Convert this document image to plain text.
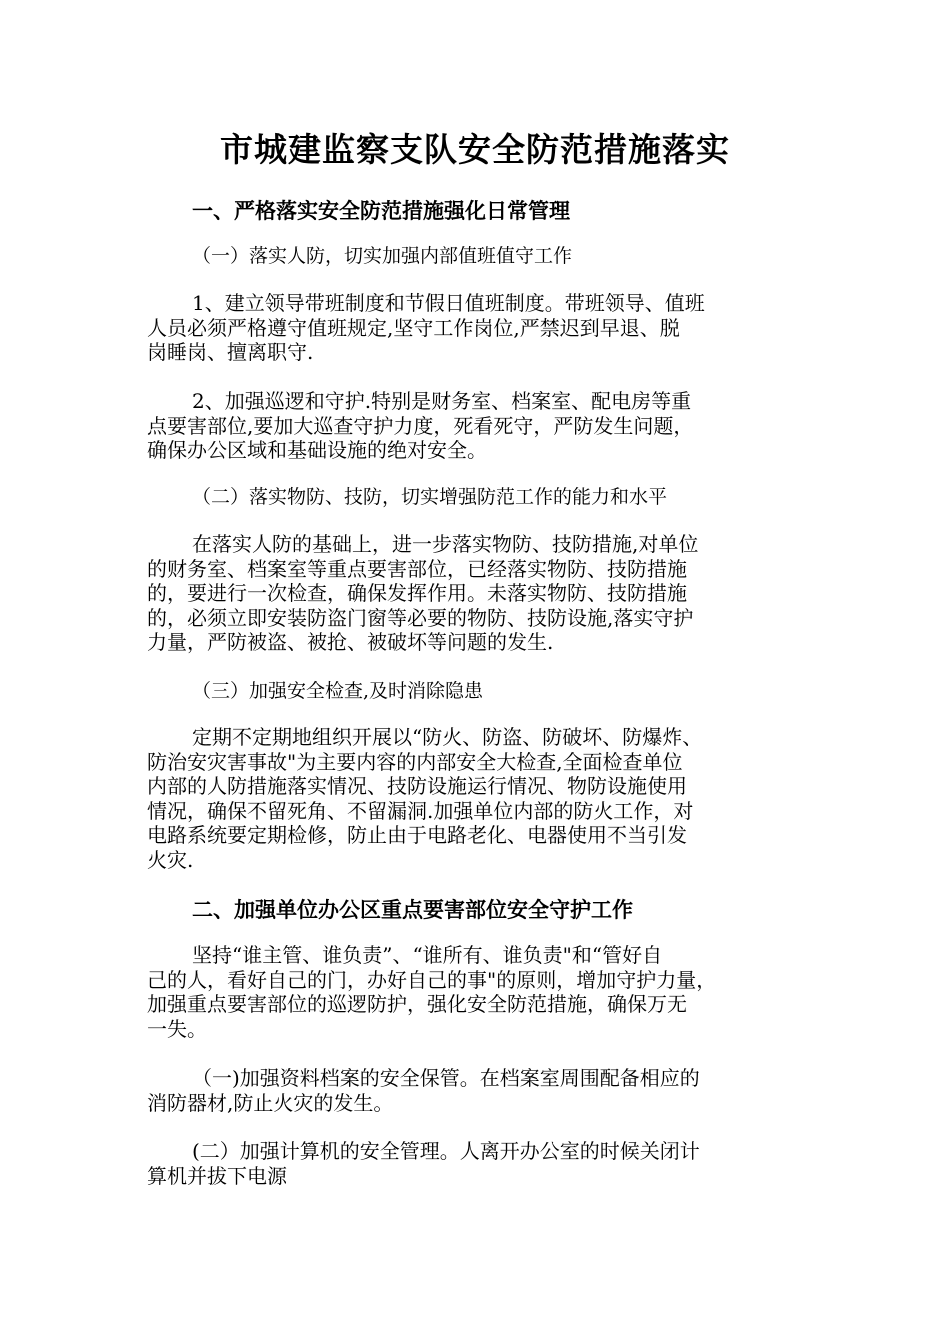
市城建监察支队安全防范措施落实
一、严格落实安全防范措施强化日常管理
（一）落实人防，切实加强内部值班值守工作
1、建立领导带班制度和节假日值班制度。带班领导、值班
人员必须严格遵守值班规定,坚守工作岗位,严禁迟到早退、脱
岗睡岗、擅离职守.
2、加强巡逻和守护.特别是财务室、档案室、配电房等重
点要害部位,要加大巡查守护力度，死看死守，严防发生问题，
确保办公区域和基础设施的绝对安全。
（二）落实物防、技防，切实增强防范工作的能力和水平
在落实人防的基础上，进一步落实物防、技防措施,对单位
的财务室、档案室等重点要害部位，已经落实物防、技防措施
的，要进行一次检查，确保发挥作用。未落实物防、技防措施
的，必须立即安装防盗门窗等必要的物防、技防设施,落实守护
力量，严防被盗、被抢、被破坏等问题的发生.
（三）加强安全检查,及时消除隐患
定期不定期地组织开展以“防火、防盗、防破坏、防爆炸、
防治安灾害事故"为主要内容的内部安全大检查,全面检查单位
内部的人防措施落实情况、技防设施运行情况、物防设施使用
情况，确保不留死角、不留漏洞.加强单位内部的防火工作，对
电路系统要定期检修，防止由于电路老化、电器使用不当引发
火灾.
二、加强单位办公区重点要害部位安全守护工作
坚持“谁主管、谁负责”、“谁所有、谁负责"和“管好自
己的人，看好自己的门，办好自己的事"的原则，增加守护力量，
加强重点要害部位的巡逻防护，强化安全防范措施，确保万无
一失。
（一)加强资料档案的安全保管。在档案室周围配备相应的
消防器材,防止火灾的发生。
(二）加强计算机的安全管理。人离开办公室的时候关闭计
算机并拔下电源
